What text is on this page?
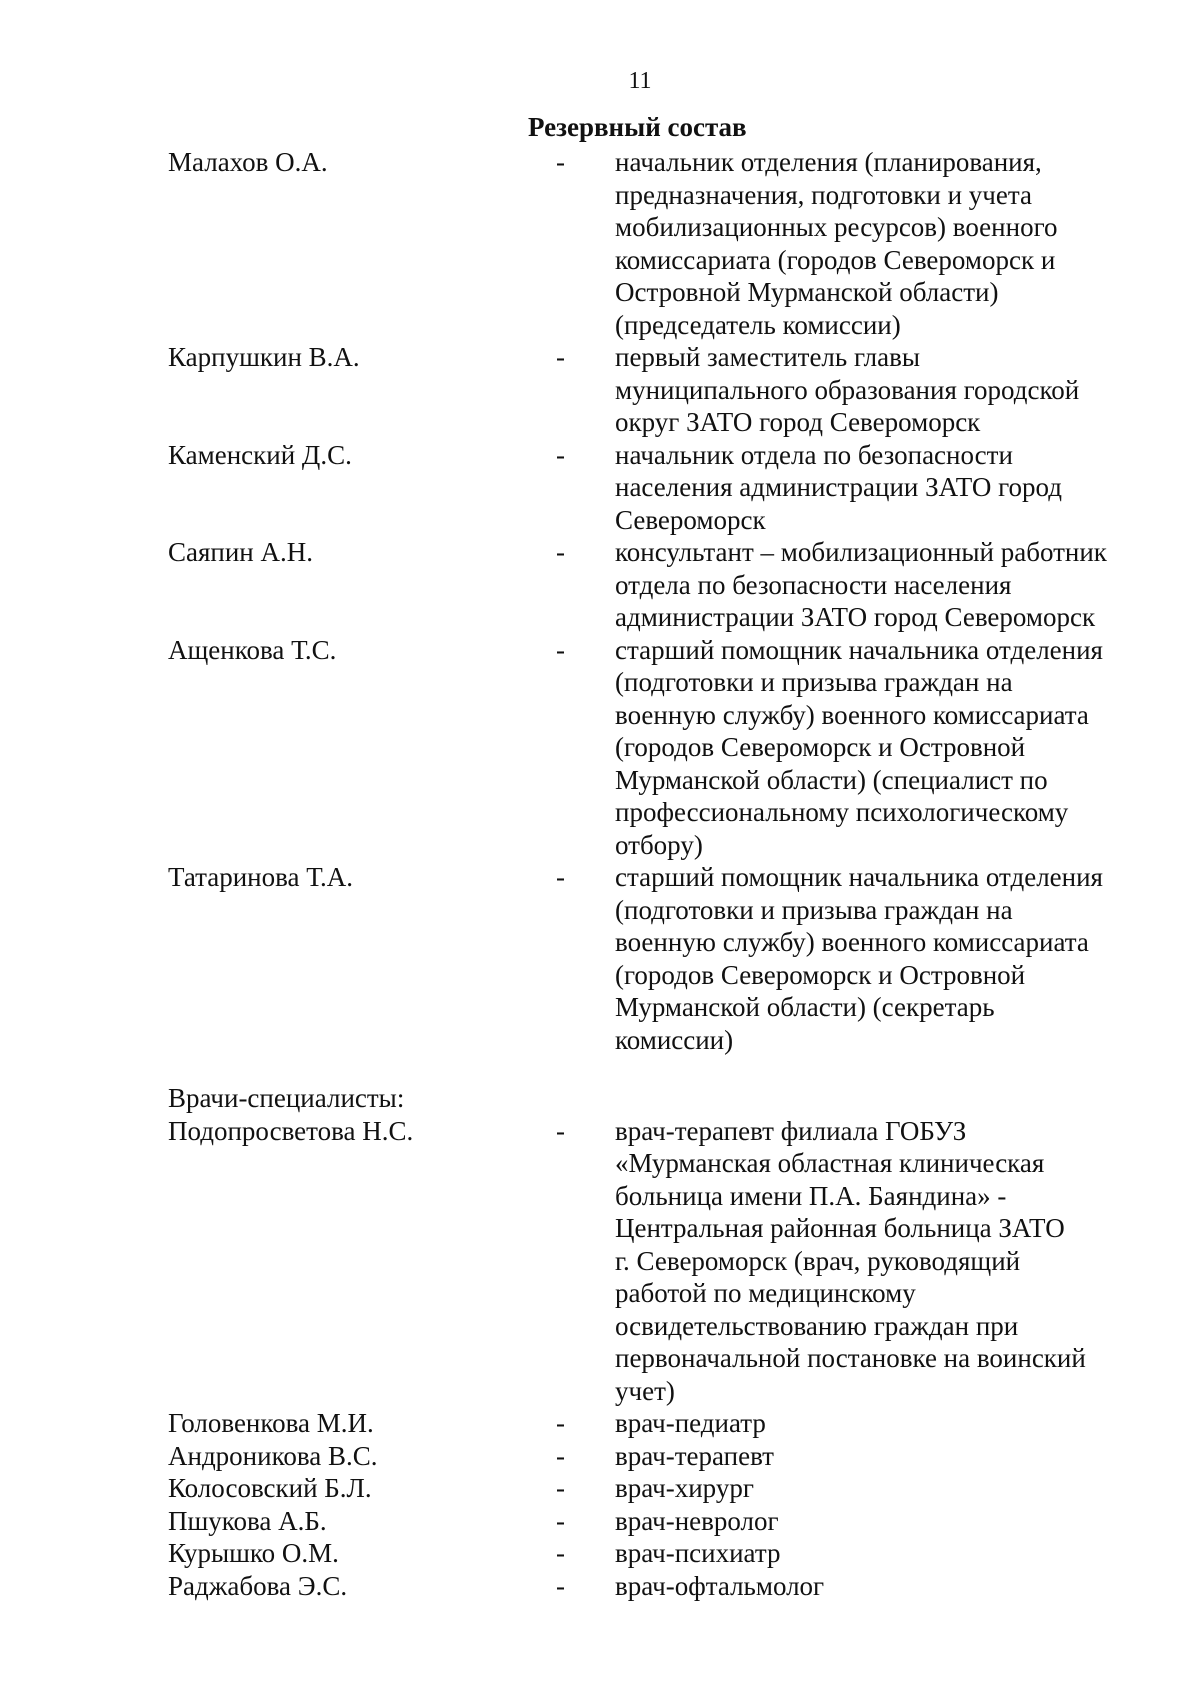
11
Резервный состав
Малахов О.А.	- начальник отделения (планирования,
предназначения, подготовки и учета
мобилизационных ресурсов) военного
комиссариата (городов Североморск и
Островной Мурманской области)
(председатель комиссии)
Карпушкин В.А.	- первый заместитель главы
муниципального образования городской
округ ЗАТО город Североморск
Каменский Д.С.	- начальник отдела по безопасности
населения администрации ЗАТО город
Североморск
Саяпин А.Н.	- консультант – мобилизационный работник
отдела по безопасности населения
администрации ЗАТО город Североморск
Ащенкова Т.С.	- старший помощник начальника отделения
(подготовки и призыва граждан на
военную службу) военного комиссариата
(городов Североморск и Островной
Мурманской области) (специалист по
профессиональному психологическому
отбору)
Татаринова Т.А.	- старший помощник начальника отделения
(подготовки и призыва граждан на
военную службу) военного комиссариата
(городов Североморск и Островной
Мурманской области) (секретарь
комиссии)
Врачи-специалисты:
Подопросветова Н.С.	- врач-терапевт филиала ГОБУЗ
«Мурманская областная клиническая
больница имени П.А. Баяндина» -
Центральная районная больница ЗАТО
г. Североморск (врач, руководящий
работой по медицинскому
освидетельствованию граждан при
первоначальной постановке на воинский
учет)
Головенкова М.И.	- врач-педиатр
Андроникова В.С.	- врач-терапевт
Колосовский Б.Л.	- врач-хирург
Пшукова А.Б.	- врач-невролог
Курышко О.М.	- врач-психиатр
Раджабова Э.С.	- врач-офтальмолог
